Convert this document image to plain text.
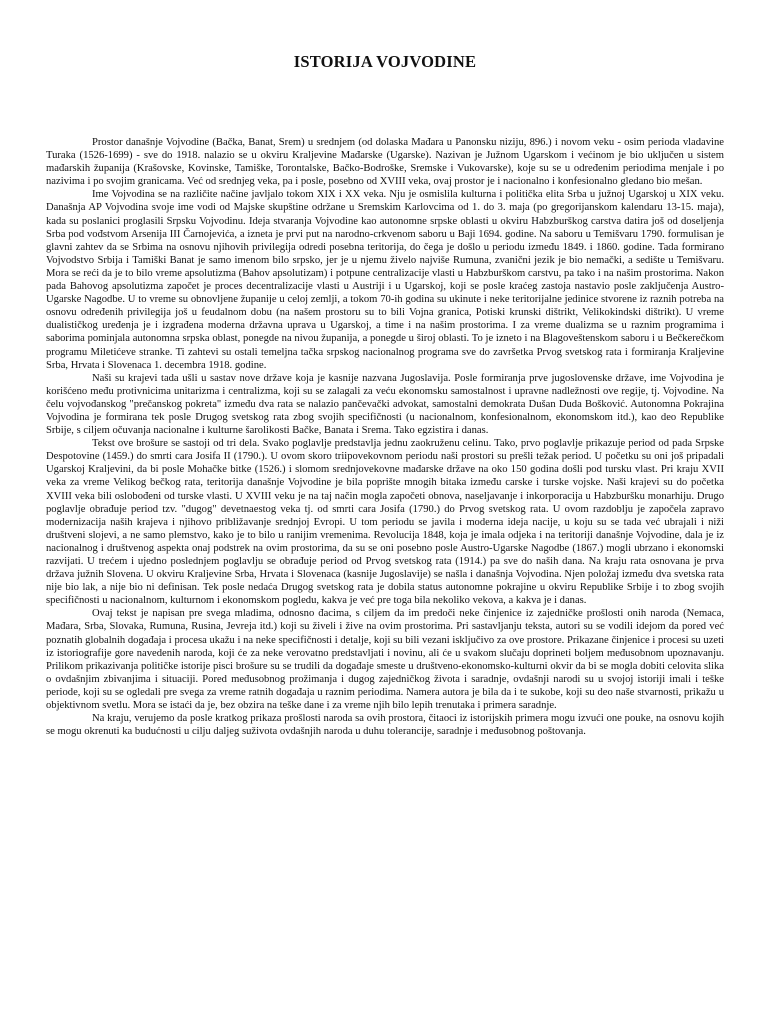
ISTORIJA VOJVODINE

Prostor današnje Vojvodine (Bačka, Banat, Srem) u srednjem (od dolaska Mađara u Panonsku niziju, 896.) i novom veku - osim perioda vladavine Turaka (1526-1699) - sve do 1918. nalazio se u okviru Kraljevine Mađarske (Ugarske). Nazivan je Južnom Ugarskom i većinom je bio uključen u sistem mađarskih županija (Krašovske, Kovinske, Tamiške, Torontalske, Bačko-Bodroške, Sremske i Vukovarske), koje su se u određenim periodima menjale i po nazivima i po svojim granicama. Već od srednjeg veka, pa i posle, posebno od XVIII veka, ovaj prostor je i nacionalno i konfesionalno gledano bio mešan.

Ime Vojvodina se na različite načine javljalo tokom XIX i XX veka. Nju je osmislila kulturna i politička elita Srba u južnoj Ugarskoj u XIX veku. Današnja AP Vojvodina svoje ime vodi od Majske skupštine održane u Sremskim Karlovcima od 1. do 3. maja (po gregorijanskom kalendaru 13-15. maja), kada su poslanici proglasili Srpsku Vojvodinu. Ideja stvaranja Vojvodine kao autonomne srpske oblasti u okviru Habzburškog carstva datira još od doseljenja Srba pod vođstvom Arsenija III Čarnojevića, a izneta je prvi put na narodno-crkvenom saboru u Bajі 1694. godine. Na saboru u Temišvaru 1790. formulisan je glavni zahtev da se Srbima na osnovu njihovih privilegija odredi posebna teritorija, do čega je došlo u periodu između 1849. i 1860. godine. Tada formirano Vojvodstvo Srbija i Tamiški Banat je samo imenom bilo srpsko, jer je u njemu živelo najviše Rumuna, zvanični jezik je bio nemački, a sedište u Temišvaru. Mora se reći da je to bilo vreme apsolutizma (Bahov apsolutizam) i potpune centralizacije vlasti u Habzburškom carstvu, pa tako i na našim prostorima. Nakon pada Bahovog apsolutizma započet je proces decentralizacije vlasti u Austriji i u Ugarskoj, koji se posle kraćeg zastoja nastavio posle zaključenja Austro-Ugarske Nagodbe. U to vreme su obnovljene županije u celoj zemlji, a tokom 70-ih godina su ukinute i neke teritorijalne jedinice stvorene iz raznih potreba na osnovu određenih privilegija još u feudalnom dobu (na našem prostoru su to bili Vojna granica, Potiski krunski dištrikt, Velikokindski dištrikt). U vreme dualističkog uređenja je i izgrađena moderna državna uprava u Ugarskoj, a time i na našim prostorima. I za vreme dualizma se u raznim programima i saborima pominjala autonomna srpska oblast, ponegde na nivou županija, a ponegde u široj oblasti. To je izneto i na Blagoveštenskom saboru i u Bečkerečkom programu Miletićeve stranke. Ti zahtevi su ostali temeljna tačka srpskog nacionalnog programa sve do završetka Prvog svetskog rata i formiranja Kraljevine Srba, Hrvata i Slovenaca 1. decembra 1918. godine.

Naši su krajevi tada ušli u sastav nove države koja je kasnije nazvana Jugoslavija. Posle formiranja prve jugoslovenske države, ime Vojvodina je korišćeno među protivnicima unitarizma i centralizma, koji su se zalagali za veću ekonomsku samostalnost i upravne nadležnosti ove regije, tj. Vojvodine. Na čelu vojvođanskog "prečanskog pokreta" između dva rata se nalazio pančevački advokat, samostalni demokrata Dušan Duda Bošković. Autonomna Pokrajina Vojvodina je formirana tek posle Drugog svetskog rata zbog svojih specifičnosti (u nacionalnom, konfesionalnom, ekonomskom itd.), kao deo Republike Srbije, s ciljem očuvanja nacionalne i kulturne šarolikosti Bačke, Banata i Srema. Tako egzistira i danas.

Tekst ove brošure se sastoji od tri dela. Svako poglavlje predstavlja jednu zaokruženu celinu. Tako, prvo poglavlje prikazuje period od pada Srpske Despotovine (1459.) do smrti cara Josifa II (1790.). U ovom skoro triipovekovnom periodu naši prostori su prešli težak period. U početku su oni još pripadali Ugarskoj Kraljevini, da bi posle Mohačke bitke (1526.) i slomom srednjovekovne mađarske države na oko 150 godina došli pod tursku vlast. Pri kraju XVII veka za vreme Velikog bečkog rata, teritorija današnje Vojvodine je bila poprište mnogih bitaka između carske i turske vojske. Naši krajevi su do početka XVIII veka bili oslobođeni od turske vlasti. U XVIII veku je na taj način mogla započeti obnova, naseljavanje i inkorporacija u Habzburšku monarhiju. Drugo poglavlje obrađuje period tzv. "dugog" devetnaestog veka tj. od smrti cara Josifa (1790.) do Prvog svetskog rata. U ovom razdoblju je započela zapravo modernizacija naših krajeva i njihovo približavanje srednjoj Evropi. U tom periodu se javila i moderna ideja nacije, u koju su se tada već ubrajali i niži društveni slojevi, a ne samo plemstvo, kako je to bilo u ranijim vremenima. Revolucija 1848, koja je imala odjeka i na teritoriji današnje Vojvodine, dala je iz nacionalnog i društvenog aspekta onaj podstrek na ovim prostorima, da su se oni posebno posle Austro-Ugarske Nagodbe (1867.) mogli ubrzano i ekonomski razvijati. U trećem i ujedno poslednjem poglavlju se obrađuje period od Prvog svetskog rata (1914.) pa sve do naših dana. Na kraju rata osnovana je prva država južnih Slovena. U okviru Kraljevine Srba, Hrvata i Slovenaca (kasnije Jugoslavije) se našla i današnja Vojvodina. Njen položaj između dva svetska rata nije bio lak, a nije bio ni definisan. Tek posle nedaća Drugog svetskog rata je dobila status autonomne pokrajine u okviru Republike Srbije i to zbog svojih specifičnosti u nacionalnom, kulturnom i ekonomskom pogledu, kakva je već pre toga bila nekoliko vekova, a kakva je i danas.

Ovaj tekst je napisan pre svega mladima, odnosno đacima, s ciljem da im predoči neke činjenice iz zajedničke prošlosti onih naroda (Nemaca, Mađara, Srba, Slovaka, Rumuna, Rusina, Jevreja itd.) koji su živeli i žive na ovim prostorima. Pri sastavljanju teksta, autori su se vodili idejom da pored već poznatih globalnih događaja i procesa ukažu i na neke specifičnosti i detalje, koji su bili vezani isključivo za ove prostore. Prikazane činjenice i procesi su uzeti iz istoriografije gore navedenih naroda, koji će za neke verovatno predstavljati i novinu, ali će u svakom slučaju doprineti boljem međusobnom upoznavanju. Prilikom prikazivanja političke istorije pisci brošure su se trudili da događaje smeste u društveno-ekonomsko-kulturni okvir da bi se mogla dobiti celovita slika o ovdašnjim zbivanjima i situaciji. Pored međusobnog prožimanja i dugog zajedničkog života i saradnje, ovdašnji narodi su u svojoj istoriji imali i teške periode, koji su se ogledali pre svega za vreme ratnih događaja u raznim periodima. Namera autora je bila da i te sukobe, koji su deo naše stvarnosti, prikažu u objektivnom svetlu. Mora se istaći da je, bez obzira na teške dane i za vreme njih bilo lepih trenutaka i primera saradnje.

Na kraju, verujemo da posle kratkog prikaza prošlosti naroda sa ovih prostora, čitaoci iz istorijskih primera mogu izvući one pouke, na osnovu kojih se mogu okrenuti ka budućnosti u cilju daljeg suživota ovdašnjih naroda u duhu tolerancije, saradnje i međusobnog poštovanja.
